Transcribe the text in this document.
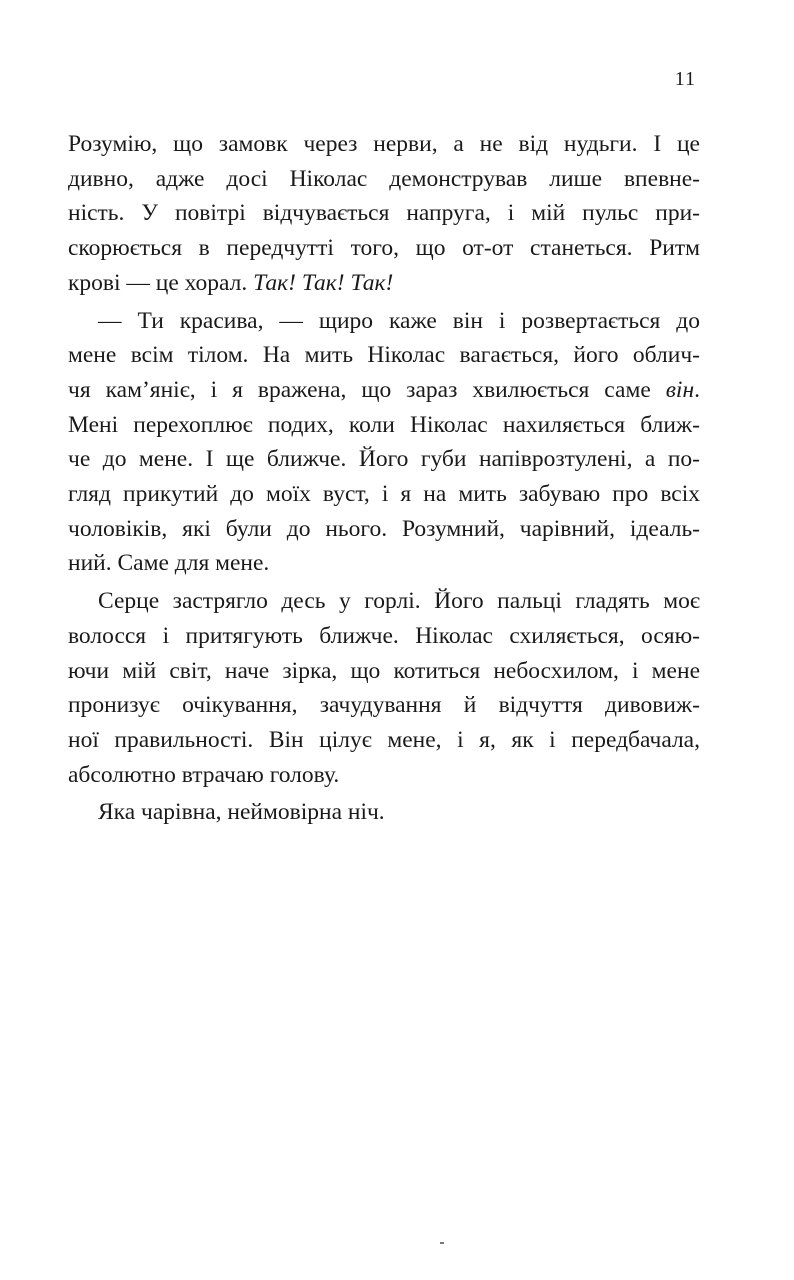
11
Розумію, що замовк через нерви, а не від нудьги. І це
дивно, адже досі Ніколас демонстрував лише впевне-
ність. У повітрі відчувається напруга, і мій пульс при-
скорюється в передчутті того, що от-от станеться. Ритм
крові — це хорал. Так! Так! Так!
— Ти красива, — щиро каже він і розвертається до
мене всім тілом. На мить Ніколас вагається, його облич-
чя кам’яніє, і я вражена, що зараз хвилюється саме він.
Мені перехоплює подих, коли Ніколас нахиляється ближ-
че до мене. І ще ближче. Його губи напіврозтулені, а по-
гляд прикутий до моїх вуст, і я на мить забуваю про всіх
чоловіків, які були до нього. Розумний, чарівний, ідеаль-
ний. Саме для мене.
Серце застрягло десь у горлі. Його пальці гладять моє
волосся і притягують ближче. Ніколас схиляється, осяю-
ючи мій світ, наче зірка, що котиться небосхилом, і мене
пронизує очікування, зачудування й відчуття дивовиж-
ної правильності. Він цілує мене, і я, як і передбачала,
абсолютно втрачаю голову.
Яка чарівна, неймовірна ніч.
